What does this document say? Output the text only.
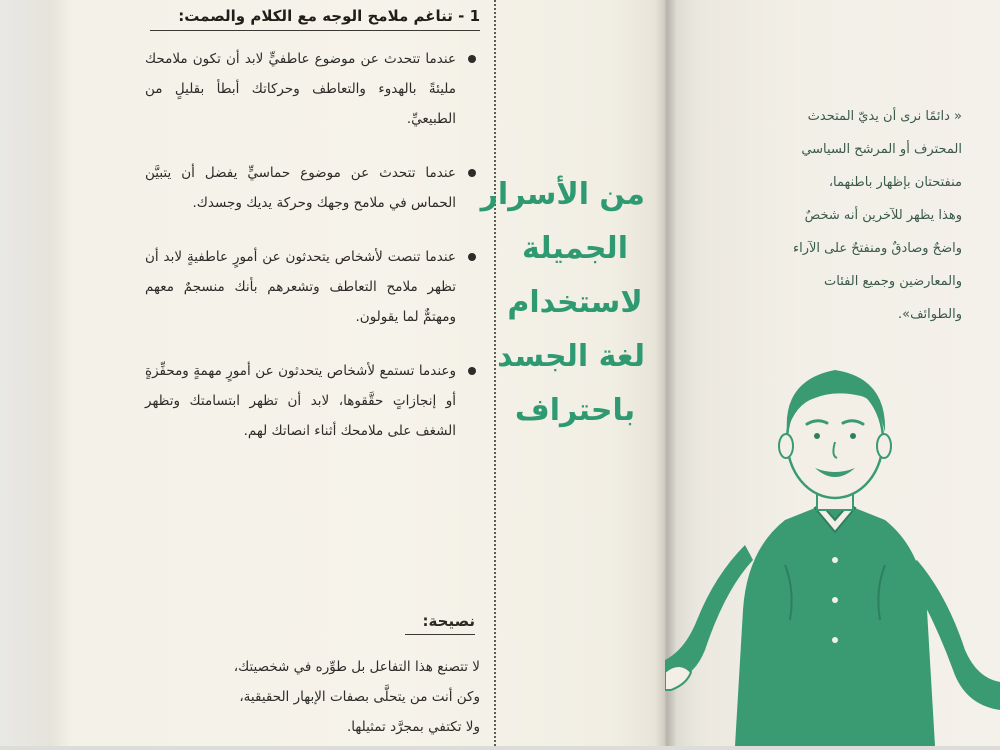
1 - تناغم ملامح الوجه مع الكلام والصمت:
عندما تتحدث عن موضوع عاطفيٍّ لابد أن تكون ملامحك مليئةً بالهدوء والتعاطف وحركاتك أبطأ بقليلٍ من الطبيعيِّ.
عندما تتحدث عن موضوع حماسيٍّ يفضل أن يتبيَّن الحماس في ملامح وجهك وحركة يديك وجسدك.
عندما تنصت لأشخاص يتحدثون عن أمورٍ عاطفيةٍ لابد أن تظهر ملامح التعاطف وتشعرهم بأنك منسجمٌ معهم ومهتمٌّ لما يقولون.
وعندما تستمع لأشخاص يتحدثون عن أمورٍ مهمةٍ ومحفِّزةٍ أو إنجازاتٍ حقَّقوها، لابد أن تظهر ابتسامتك وتظهر الشغف على ملامحك أثناء انصاتك لهم.
نصيحة:
لا تتصنع هذا التفاعل بل طوِّره في شخصيتك،
وكن أنت من يتحلَّى بصفات الإبهار الحقيقية،
ولا تكتفي بمجرَّد تمثيلها.
من الأسرار
الجميلة
لاستخدام
لغة الجسد
باحتراف
« دائمًا نرى أن يديّ المتحدث
المحترف أو المرشح السياسي
منفتحتان بإظهار باطنهما،
وهذا يظهر للآخرين أنه شخصٌ
واضحٌ وصادقٌ ومنفتحٌ على الآراء
والمعارضين وجميع الفئات
والطوائف».
